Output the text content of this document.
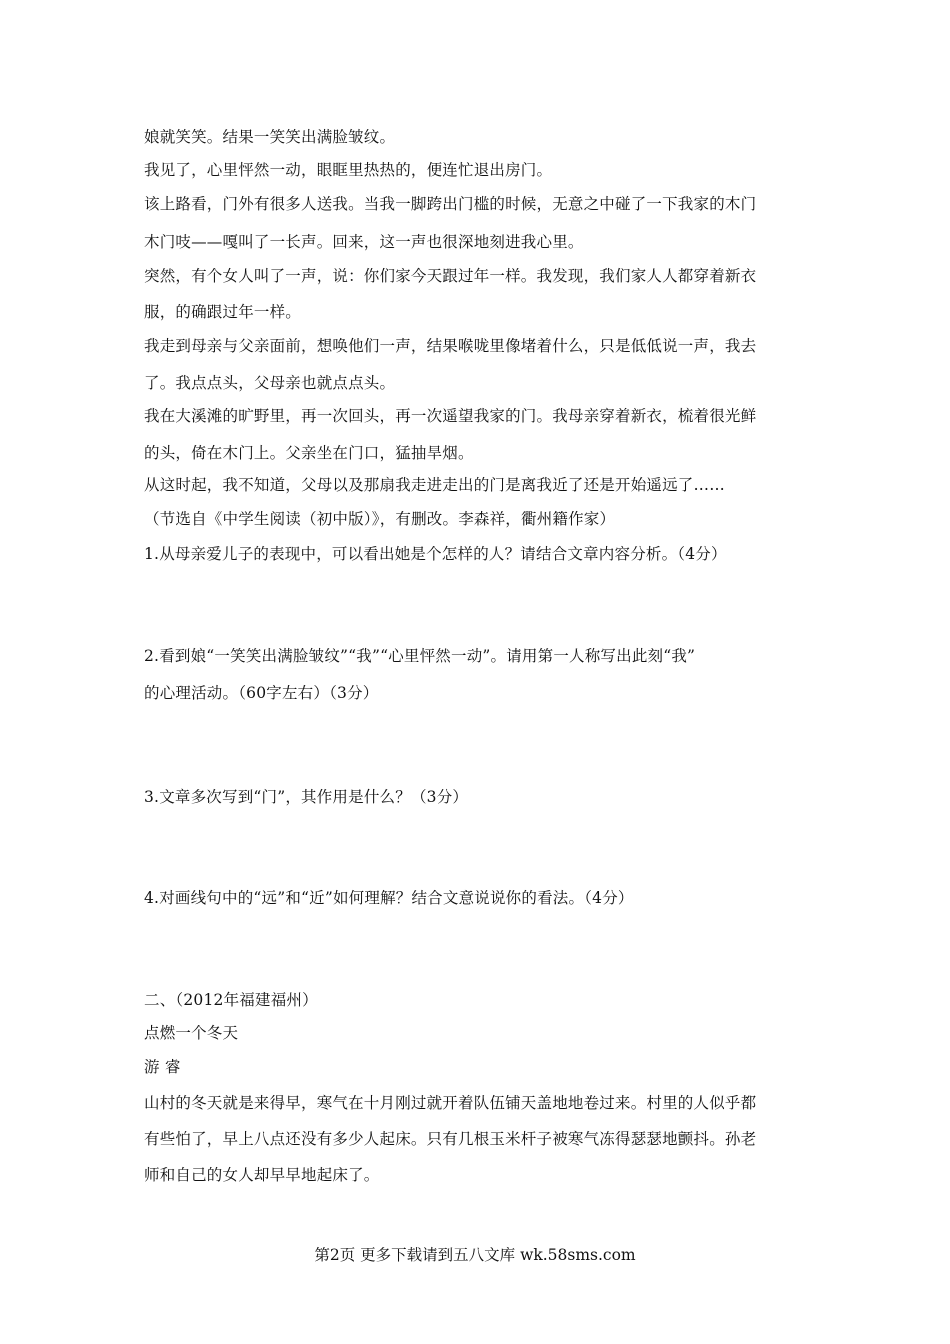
娘就笑笑。结果一笑笑出满脸皱纹。
我见了，心里怦然一动，眼眶里热热的，便连忙退出房门。
该上路看，门外有很多人送我。当我一脚跨出门槛的时候，无意之中碰了一下我家的木门
木门吱——嘎叫了一长声。回来，这一声也很深地刻进我心里。
突然，有个女人叫了一声，说：你们家今天跟过年一样。我发现，我们家人人都穿着新衣
服，的确跟过年一样。
我走到母亲与父亲面前，想唤他们一声，结果喉咙里像堵着什么，只是低低说一声，我去
了。我点点头，父母亲也就点点头。
我在大溪滩的旷野里，再一次回头，再一次遥望我家的门。我母亲穿着新衣，梳着很光鲜
的头，倚在木门上。父亲坐在门口，猛抽旱烟。
从这时起，我不知道，父母以及那扇我走进走出的门是离我近了还是开始遥远了……
（节选自《中学生阅读（初中版）》，有删改。李森祥，衢州籍作家）
1.从母亲爱儿子的表现中，可以看出她是个怎样的人？请结合文章内容分析。（4分）
2.看到娘“一笑笑出满脸皱纹”“我”“心里怦然一动”。请用第一人称写出此刻“我”
的心理活动。（60字左右）（3分）
3.文章多次写到“门”，其作用是什么？（3分）
4.对画线句中的“远”和“近”如何理解？结合文意说说你的看法。（4分）
二、（2012年福建福州）
点燃一个冬天
游 睿
山村的冬天就是来得早，寒气在十月刚过就开着队伍铺天盖地地卷过来。村里的人似乎都
有些怕了，早上八点还没有多少人起床。只有几根玉米杆子被寒气冻得瑟瑟地颤抖。孙老
师和自己的女人却早早地起床了。
第2页 更多下载请到五八文库 wk.58sms.com
